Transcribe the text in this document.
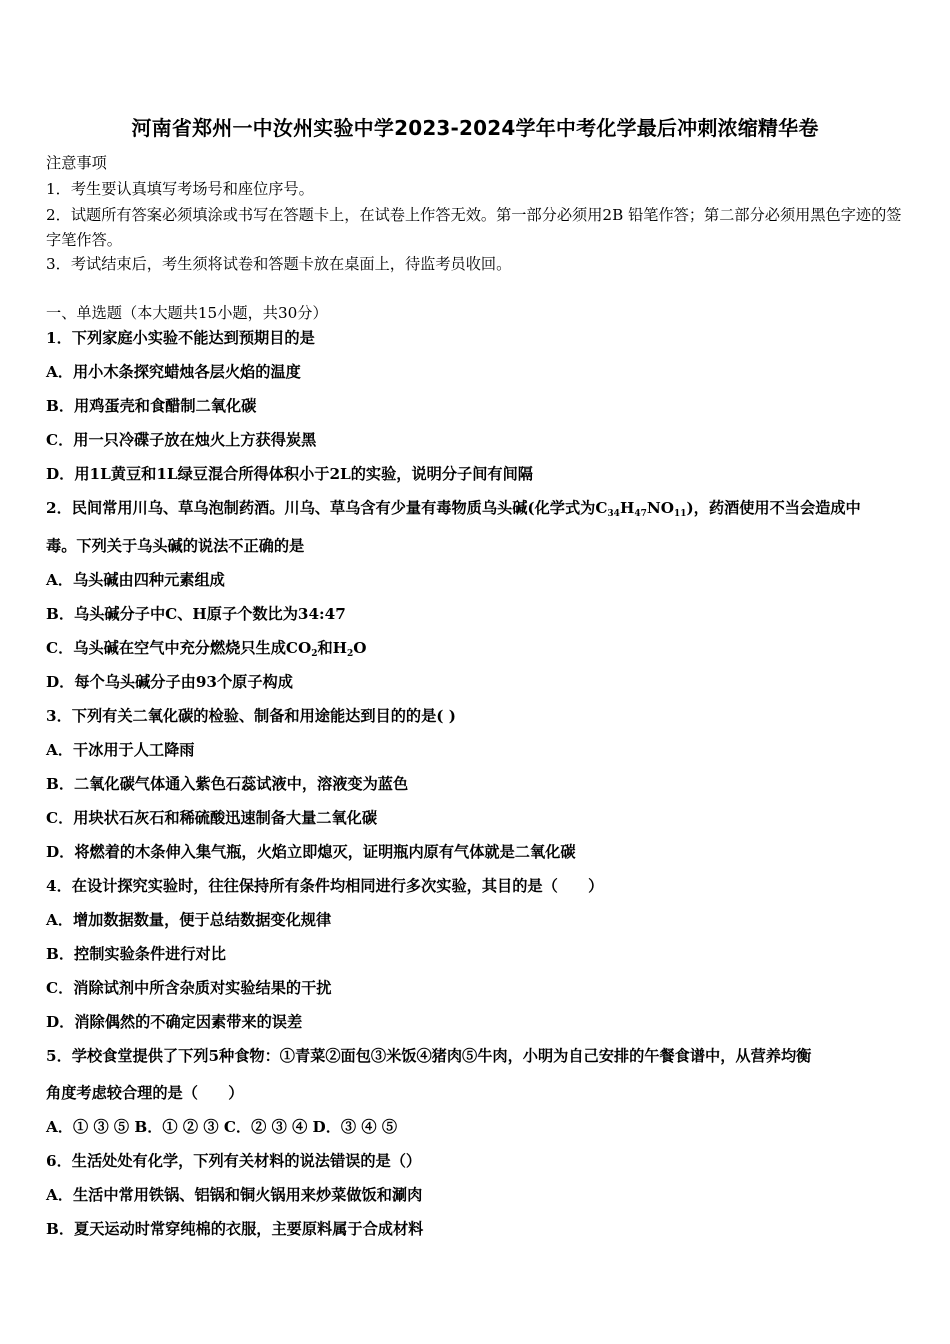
河南省郑州一中汝州实验中学2023-2024学年中考化学最后冲刺浓缩精华卷
注意事项
1．考生要认真填写考场号和座位序号。
2．试题所有答案必须填涂或书写在答题卡上，在试卷上作答无效。第一部分必须用2B 铅笔作答；第二部分必须用黑色字迹的签字笔作答。
3．考试结束后，考生须将试卷和答题卡放在桌面上，待监考员收回。
一、单选题（本大题共15小题，共30分）
1．下列家庭小实验不能达到预期目的是
A．用小木条探究蜡烛各层火焰的温度
B．用鸡蛋壳和食醋制二氧化碳
C．用一只冷碟子放在烛火上方获得炭黑
D．用1L黄豆和1L绿豆混合所得体积小于2L的实验，说明分子间有间隔
2．民间常用川乌、草乌泡制药酒。川乌、草乌含有少量有毒物质乌头碱(化学式为$C_{34}H_{47}NO_{11}$)，药酒使用不当会造成中
毒。下列关于乌头碱的说法不正确的是
A．乌头碱由四种元素组成
B．乌头碱分子中C、H原子个数比为34:47
C．乌头碱在空气中充分燃烧只生成$CO_2$和$H_2O$
D．每个乌头碱分子由93个原子构成
3．下列有关二氧化碳的检验、制备和用途能达到目的的是( )
A．干冰用于人工降雨
B．二氧化碳气体通入紫色石蕊试液中，溶液变为蓝色
C．用块状石灰石和稀硫酸迅速制备大量二氧化碳
D．将燃着的木条伸入集气瓶，火焰立即熄灭，证明瓶内原有气体就是二氧化碳
4．在设计探究实验时，往往保持所有条件均相同进行多次实验，其目的是（　　）
A．增加数据数量，便于总结数据变化规律
B．控制实验条件进行对比
C．消除试剂中所含杂质对实验结果的干扰
D．消除偶然的不确定因素带来的误差
5．学校食堂提供了下列5种食物：①青菜②面包③米饭④猪肉⑤牛肉，小明为自己安排的午餐食谱中，从营养均衡
角度考虑较合理的是（　　）
A．① ③ ⑤ B．① ② ③ C．② ③ ④ D．③ ④ ⑤
6．生活处处有化学，下列有关材料的说法错误的是（）
A．生活中常用铁锅、铝锅和铜火锅用来炒菜做饭和涮肉
B．夏天运动时常穿纯棉的衣服，主要原料属于合成材料
